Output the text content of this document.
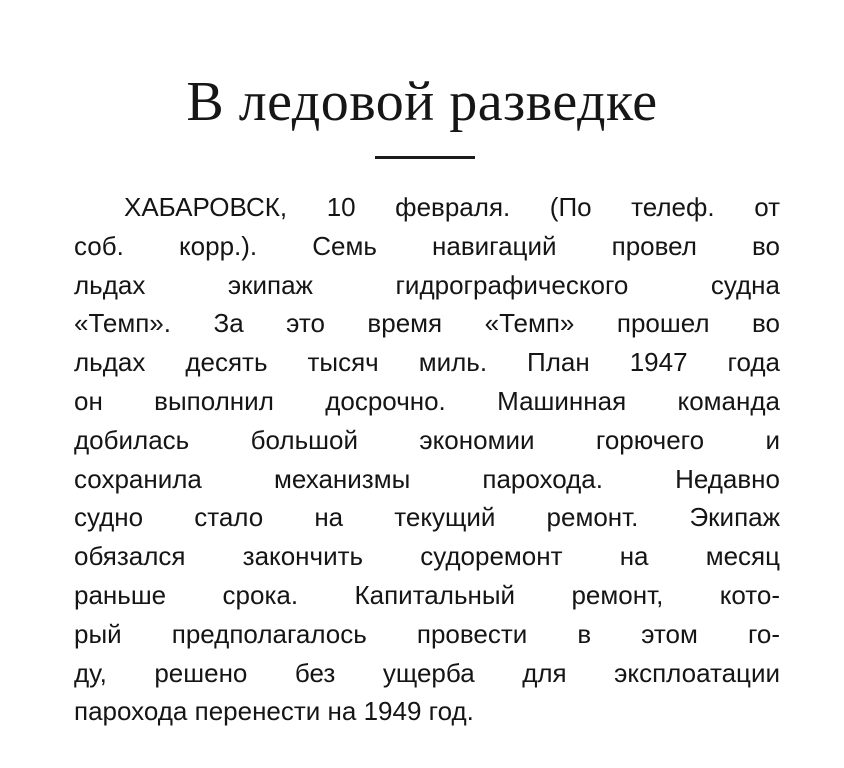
В ледовой разведке
ХАБАРОВСК, 10 февраля. (По телеф. от
соб. корр.). Семь навигаций провел во
льдах экипаж гидрографического судна
«Темп». За это время «Темп» прошел во
льдах десять тысяч миль. План 1947 года
он выполнил досрочно. Машинная команда
добилась большой экономии горючего и
сохранила механизмы парохода. Недавно
судно стало на текущий ремонт. Экипаж
обязался закончить судоремонт на месяц
раньше срока. Капитальный ремонт, кото-
рый предполагалось провести в этом го-
ду, решено без ущерба для эксплоатации
парохода перенести на 1949 год.
